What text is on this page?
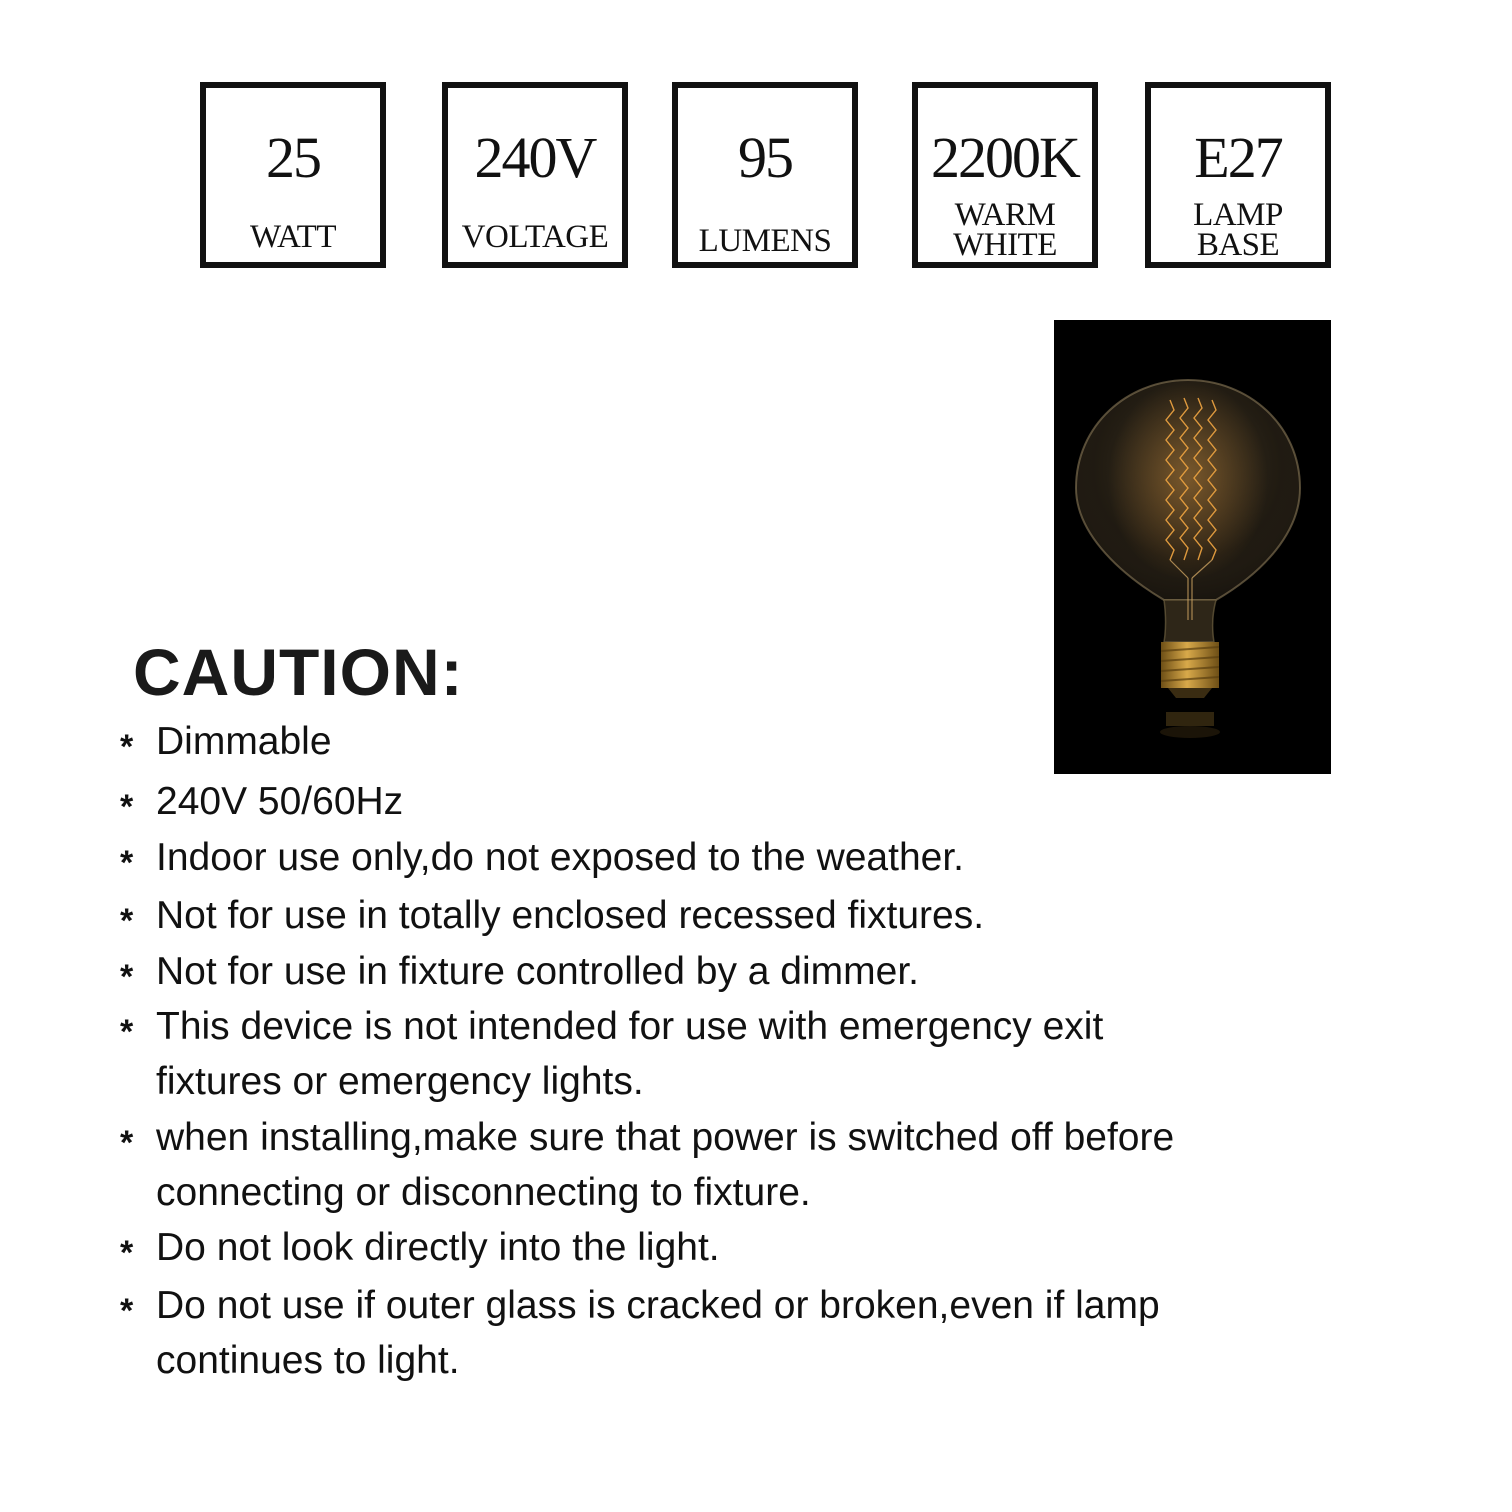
25
WATT
240V
VOLTAGE
95
LUMENS
2200K
WARM
WHITE
E27
LAMP
BASE
CAUTION:
* Dimmable
* 240V 50/60Hz
* Indoor use only,do not exposed to the weather.
* Not for use in totally enclosed recessed fixtures.
* Not for use in fixture controlled by a dimmer.
* This device is not intended for use with emergency exit
fixtures or emergency lights.
* when installing,make sure that power is switched off before
connecting or disconnecting to fixture.
* Do not look directly into the light.
* Do not use if outer glass is cracked or broken,even if lamp
continues to light.
